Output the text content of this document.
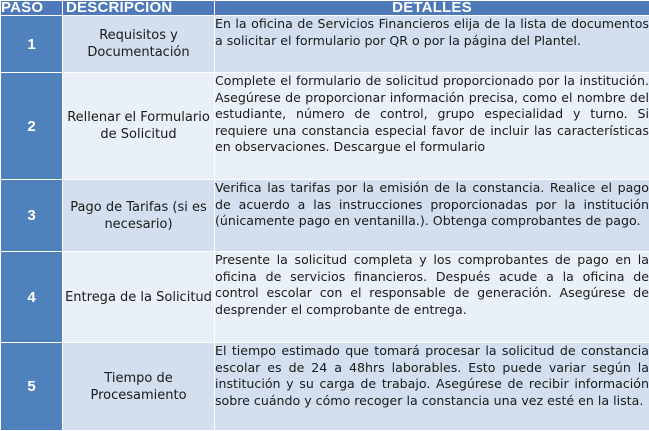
PASO	DESCRIPCIÓN	DETALLES
1	Requisitos y Documentación	En la oficina de Servicios Financieros elija de la lista de documentos a solicitar el formulario por QR o por la página del Plantel.
2	Rellenar el Formulario de Solicitud	Complete el formulario de solicitud proporcionado por la institución. Asegúrese de proporcionar información precisa, como el nombre del estudiante, número de control, grupo especialidad y turno. Si requiere una constancia especial favor de incluir las características en observaciones. Descargue el formulario
3	Pago de Tarifas (si es necesario)	Verifica las tarifas por la emisión de la constancia. Realice el pago de acuerdo a las instrucciones proporcionadas por la institución (únicamente pago en ventanilla.). Obtenga comprobantes de pago.
4	Entrega de la Solicitud	Presente la solicitud completa y los comprobantes de pago en la oficina de servicios financieros. Después acude a la oficina de control escolar con el responsable de generación. Asegúrese de desprender el comprobante de entrega.
5	Tiempo de Procesamiento	El tiempo estimado que tomará procesar la solicitud de constancia escolar es de 24 a 48hrs laborables. Esto puede variar según la institución y su carga de trabajo. Asegúrese de recibir información sobre cuándo y cómo recoger la constancia una vez esté en la lista.
